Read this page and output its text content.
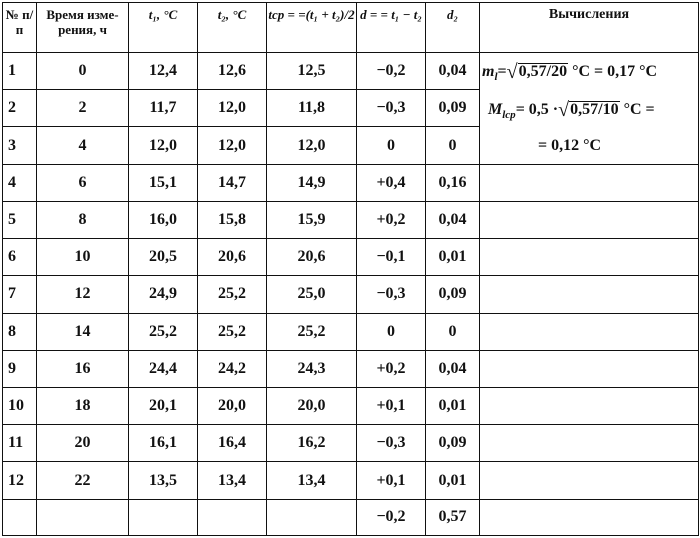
№ п/п	Время изме-рения, ч	t₁, °C	t₂, °C	tср = =(t₁ + t₂)/2	d = = t₁ − t₂	d₂	Вычисления
1	0	12,4	12,6	12,5	−0,2	0,04	$m_l=√0,57/20$ °C = 0,17 °C
$M_{lср}= 0,5 \cdot√0,57/10$ °C =
= 0,12 °C

2	2	11,7	12,0	11,8	−0,3	0,09	
3	4	12,0	12,0	12,0	0	0	
4	6	15,1	14,7	14,9	+0,4	0,16	
5	8	16,0	15,8	15,9	+0,2	0,04	
6	10	20,5	20,6	20,6	−0,1	0,01	
7	12	24,9	25,2	25,0	−0,3	0,09	
8	14	25,2	25,2	25,2	0	0	
9	16	24,4	24,2	24,3	+0,2	0,04	
10	18	20,1	20,0	20,0	+0,1	0,01	
11	20	16,1	16,4	16,2	−0,3	0,09	
12	22	13,5	13,4	13,4	+0,1	0,01	
					−0,2	0,57	
